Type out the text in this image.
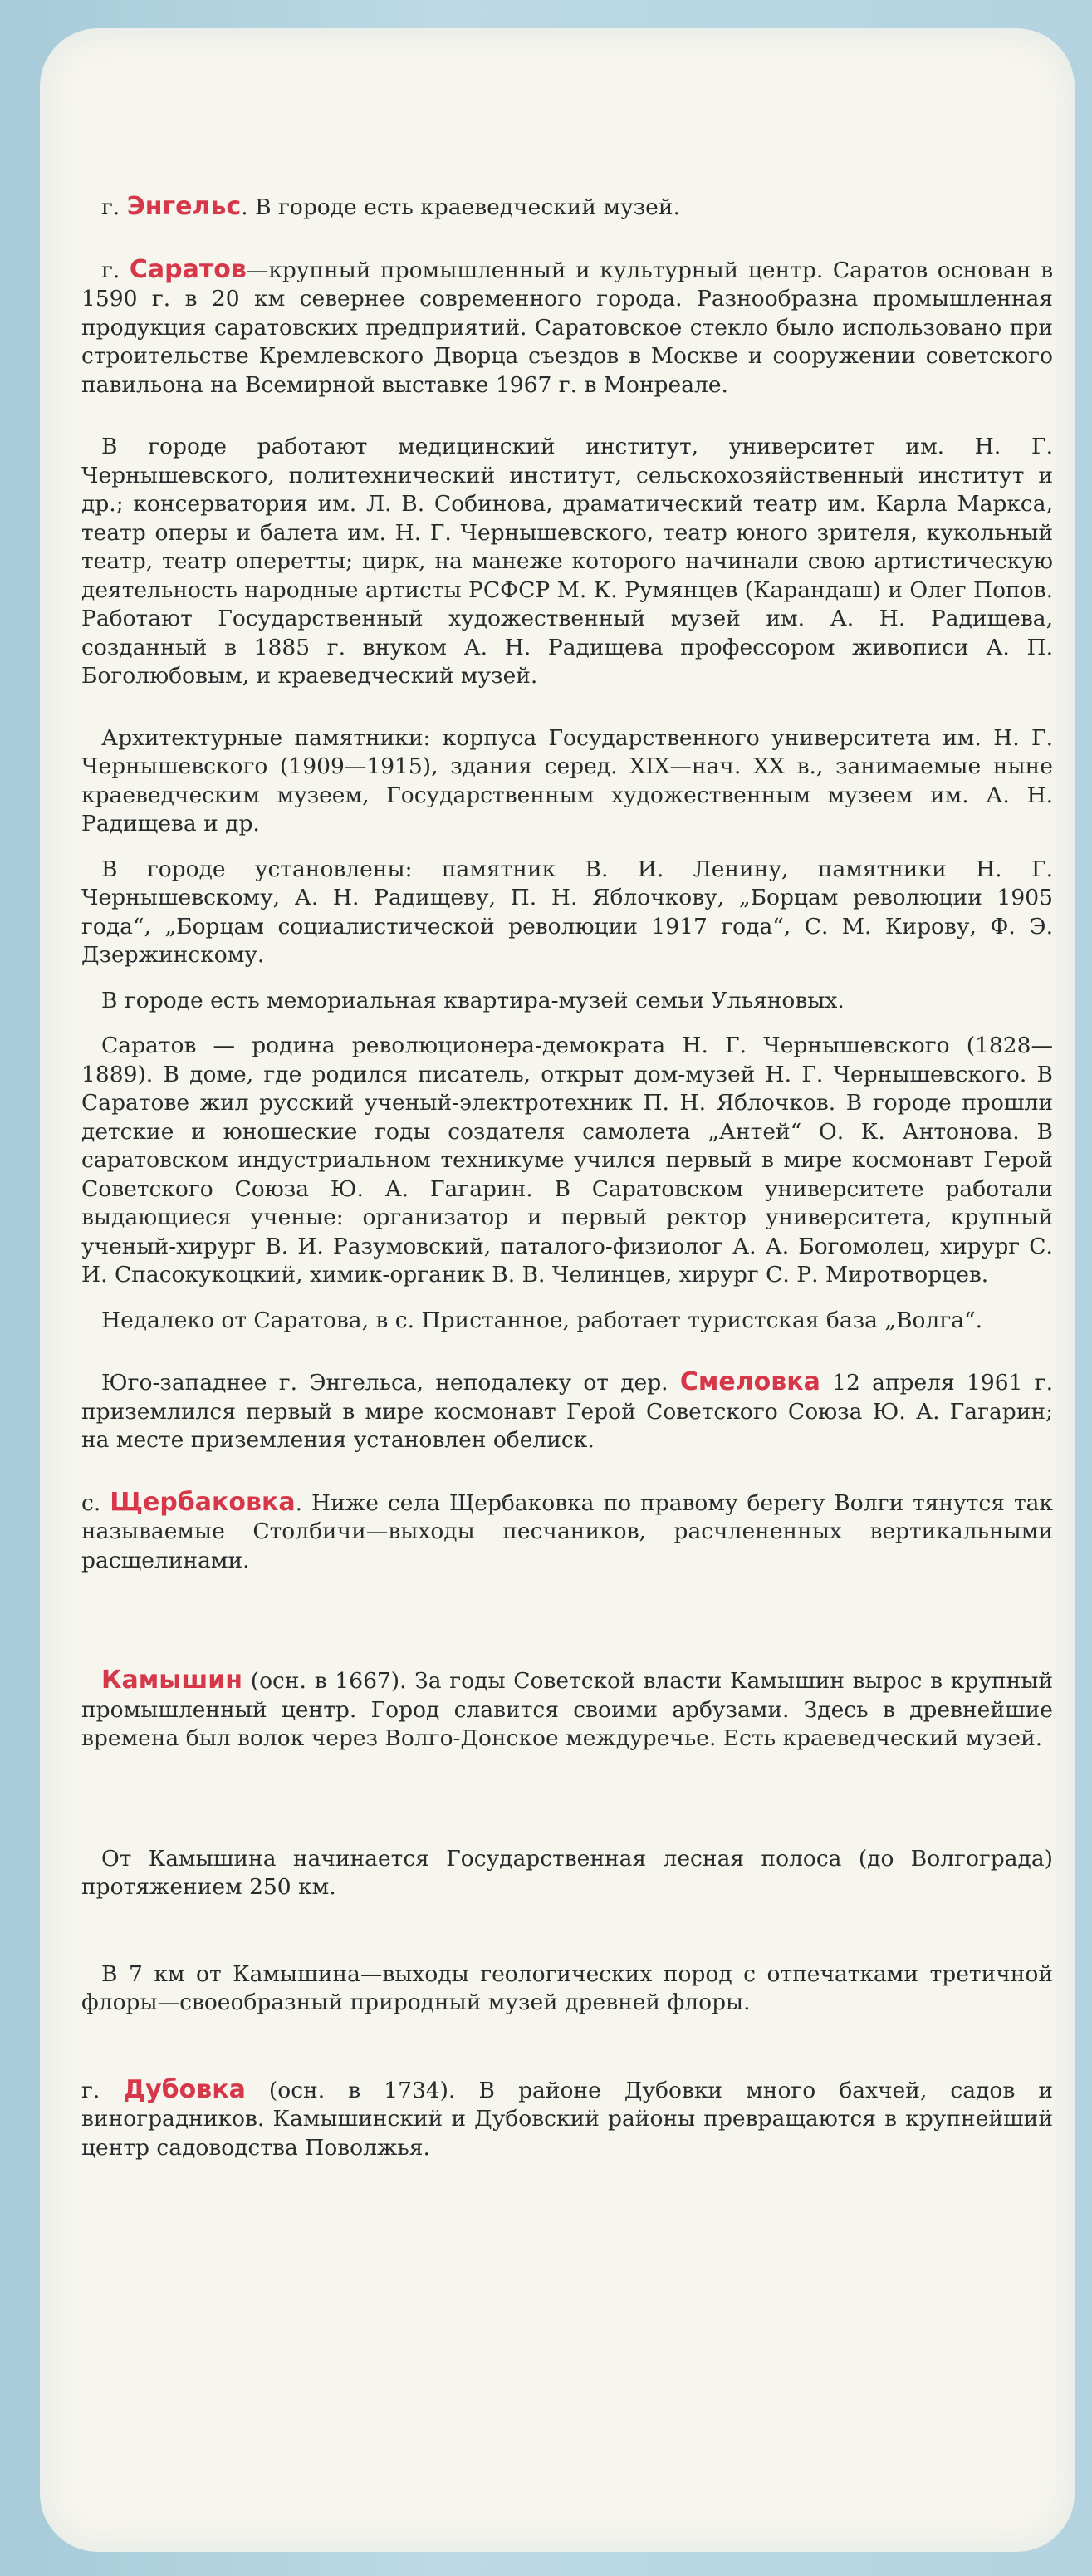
г. Энгельс. В городе есть краеведческий музей.

г. Саратов—крупный промышленный и культурный центр. Саратов основан в 1590 г. в 20 км севернее современного города. Разнообразна промышленная продукция саратовских предприятий. Саратовское стекло было использовано при строительстве Кремлевского Дворца съездов в Москве и сооружении советского павильона на Всемирной выставке 1967 г. в Монреале.

В городе работают медицинский институт, университет им. Н. Г. Чернышевского, политехнический институт, сельскохозяйственный институт и др.; консерватория им. Л. В. Собинова, драматический театр им. Карла Маркса, театр оперы и балета им. Н. Г. Чернышевского, театр юного зрителя, кукольный театр, театр оперетты; цирк, на манеже которого начинали свою артистическую деятельность народные артисты РСФСР М. К. Румянцев (Карандаш) и Олег Попов. Работают Государственный художественный музей им. А. Н. Радищева, созданный в 1885 г. внуком А. Н. Радищева профессором живописи А. П. Боголюбовым, и краеведческий музей.

Архитектурные памятники: корпуса Государственного университета им. Н. Г. Чернышевского (1909—1915), здания серед. XIX—нач. XX в., занимаемые ныне краеведческим музеем, Государственным художественным музеем им. А. Н. Радищева и др.

В городе установлены: памятник В. И. Ленину, памятники Н. Г. Чернышевскому, А. Н. Радищеву, П. Н. Яблочкову, „Борцам революции 1905 года“, „Борцам социалистической революции 1917 года“, С. М. Кирову, Ф. Э. Дзержинскому.

В городе есть мемориальная квартира-музей семьи Ульяновых.

Саратов — родина революционера-демократа Н. Г. Чернышевского (1828—1889). В доме, где родился писатель, открыт дом-музей Н. Г. Чернышевского. В Саратове жил русский ученый-электротехник П. Н. Яблочков. В городе прошли детские и юношеские годы создателя самолета „Антей“ О. К. Антонова. В саратовском индустриальном техникуме учился первый в мире космонавт Герой Советского Союза Ю. А. Гагарин. В Саратовском университете работали выдающиеся ученые: организатор и первый ректор университета, крупный ученый-хирург В. И. Разумовский, паталого-физиолог А. А. Богомолец, хирург С. И. Спасокукоцкий, химик-органик В. В. Челинцев, хирург С. Р. Миротворцев.

Недалеко от Саратова, в с. Пристанное, работает туристская база „Волга“.

Юго-западнее г. Энгельса, неподалеку от дер. Смеловка 12 апреля 1961 г. приземлился первый в мире космонавт Герой Советского Союза Ю. А. Гагарин; на месте приземления установлен обелиск.

с. Щербаковка. Ниже села Щербаковка по правому берегу Волги тянутся так называемые Столбичи—выходы песчаников, расчлененных вертикальными расщелинами.

Камышин (осн. в 1667). За годы Советской власти Камышин вырос в крупный промышленный центр. Город славится своими арбузами. Здесь в древнейшие времена был волок через Волго-Донское междуречье. Есть краеведческий музей.

От Камышина начинается Государственная лесная полоса (до Волгограда) протяжением 250 км.

В 7 км от Камышина—выходы геологических пород с отпечатками третичной флоры—своеобразный природный музей древней флоры.

г. Дубовка (осн. в 1734). В районе Дубовки много бахчей, садов и виноградников. Камышинский и Дубовский районы превращаются в крупнейший центр садоводства Поволжья.
